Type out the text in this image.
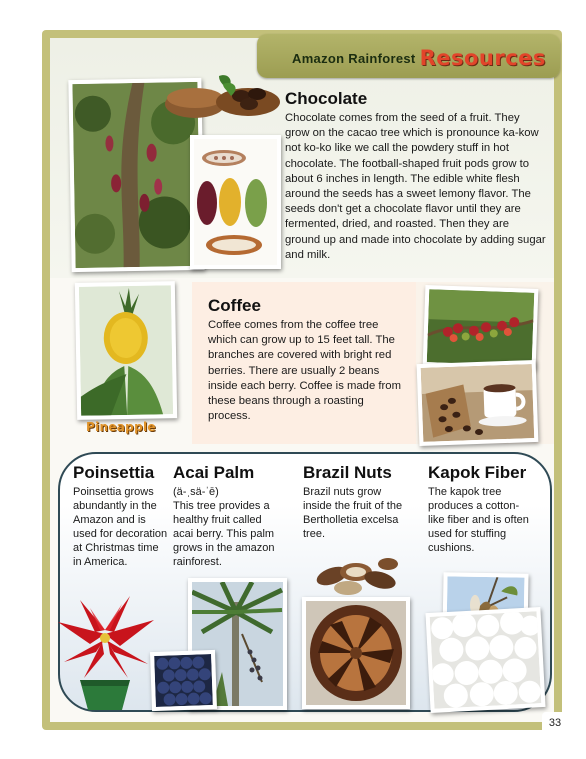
Amazon Rainforest Resources
Chocolate
Chocolate comes from the seed of a fruit. They grow on the cacao tree which is pronounce ka-kow not ko-ko like we call the powdery stuff in hot chocolate. The football-shaped fruit pods grow to about 6 inches in length. The edible white flesh around the seeds has a sweet lemony flavor. The seeds don't get a chocolate flavor until they are fermented, dried, and roasted. Then they are ground up and made into chocolate by adding sugar and milk.
Pineapple
Coffee
Coffee comes from the coffee tree which can grow up to 15 feet tall. The branches are covered with bright red berries. There are usually 2 beans inside each berry. Coffee is made from these beans through a roasting process.
Poinsettia
Poinsettia grows abundantly in the Amazon and is used for decoration at Christmas time in America.
Acai Palm
(ä-ˌsä-ˈē)
This tree provides a healthy fruit called acai berry. This palm grows in the amazon rainforest.
Brazil Nuts
Brazil nuts grow inside the fruit of the Bertholletia excelsa tree.
Kapok Fiber
The kapok tree produces a cotton-like fiber and is often used for stuffing cushions.
33
